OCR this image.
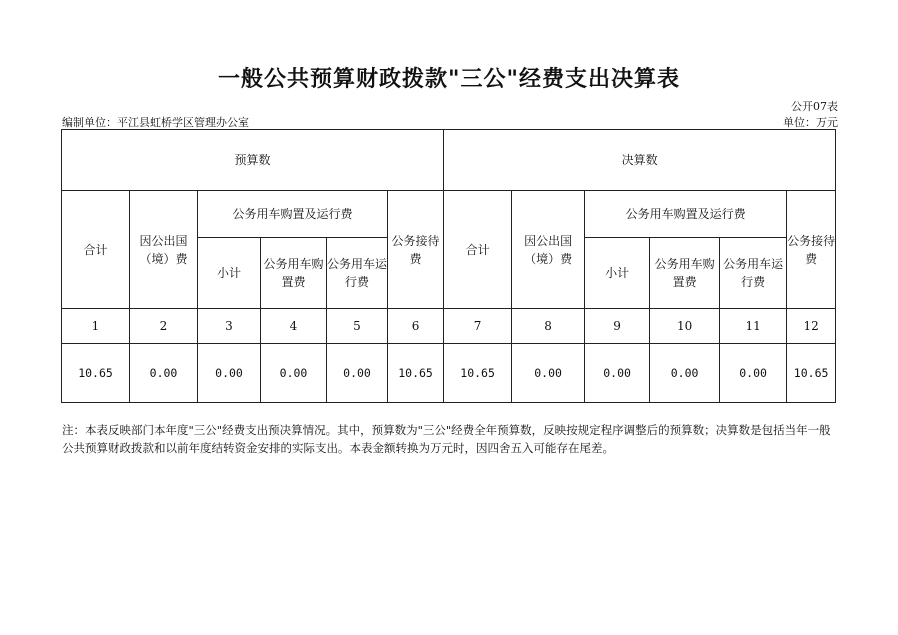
一般公共预算财政拨款"三公"经费支出决算表
公开07表
编制单位：平江县虹桥学区管理办公室	单位：万元
预算数						决算数					
合计	因公出国（境）费	公务用车购置及运行费			公务接待费	合计	因公出国（境）费	公务用车购置及运行费			公务接待费
		小计	公务用车购置费	公务用车运行费				小计	公务用车购置费	公务用车运行费	
1	2	3	4	5	6	7	8	9	10	11	12
10.65	0.00	0.00	0.00	0.00	10.65	10.65	0.00	0.00	0.00	0.00	10.65
注：本表反映部门本年度"三公"经费支出预决算情况。其中，预算数为"三公"经费全年预算数，反映按规定程序调整后的预算数；决算数是包括当年一般公共预算财政拨款和以前年度结转资金安排的实际支出。本表金额转换为万元时，因四舍五入可能存在尾差。
